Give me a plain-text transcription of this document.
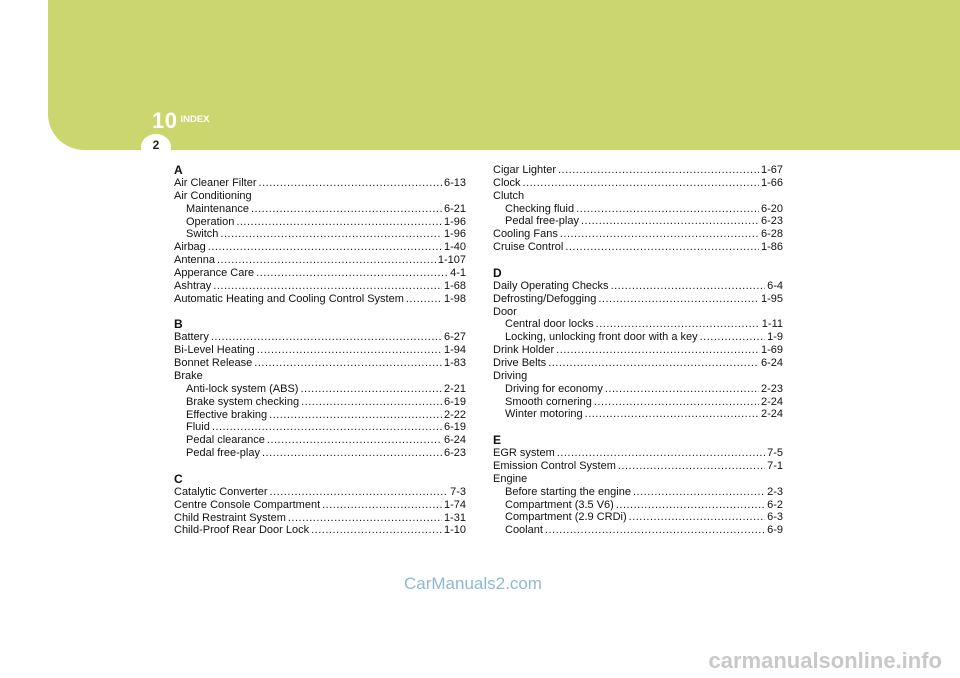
10 INDEX
2
A
Air Cleaner Filter .....	6-13
Air Conditioning
Maintenance .....	6-21
Operation .....	1-96
Switch .....	1-96
Airbag .....	1-40
Antenna .....	1-107
Apperance Care .....	4-1
Ashtray .....	1-68
Automatic Heating and Cooling Control System .....	1-98
B
Battery .....	6-27
Bi-Level Heating .....	1-94
Bonnet Release .....	1-83
Brake
Anti-lock system (ABS) .....	2-21
Brake system checking .....	6-19
Effective braking .....	2-22
Fluid .....	6-19
Pedal clearance .....	6-24
Pedal free-play .....	6-23
C
Catalytic Converter .....	7-3
Centre Console Compartment .....	1-74
Child Restraint System .....	1-31
Child-Proof Rear Door Lock .....	1-10
Cigar Lighter .....	1-67
Clock .....	1-66
Clutch
Checking fluid .....	6-20
Pedal free-play .....	6-23
Cooling Fans .....	6-28
Cruise Control .....	1-86
D
Daily Operating Checks .....	6-4
Defrosting/Defogging .....	1-95
Door
Central door locks .....	1-11
Locking, unlocking front door with a key .....	1-9
Drink Holder .....	1-69
Drive Belts .....	6-24
Driving
Driving for economy .....	2-23
Smooth cornering .....	2-24
Winter motoring .....	2-24
E
EGR system .....	7-5
Emission Control System .....	7-1
Engine
Before starting the engine .....	2-3
Compartment (3.5 V6) .....	6-2
Compartment (2.9 CRDi) .....	6-3
Coolant .....	6-9
CarManuals2.com
carmanualsonline.info
